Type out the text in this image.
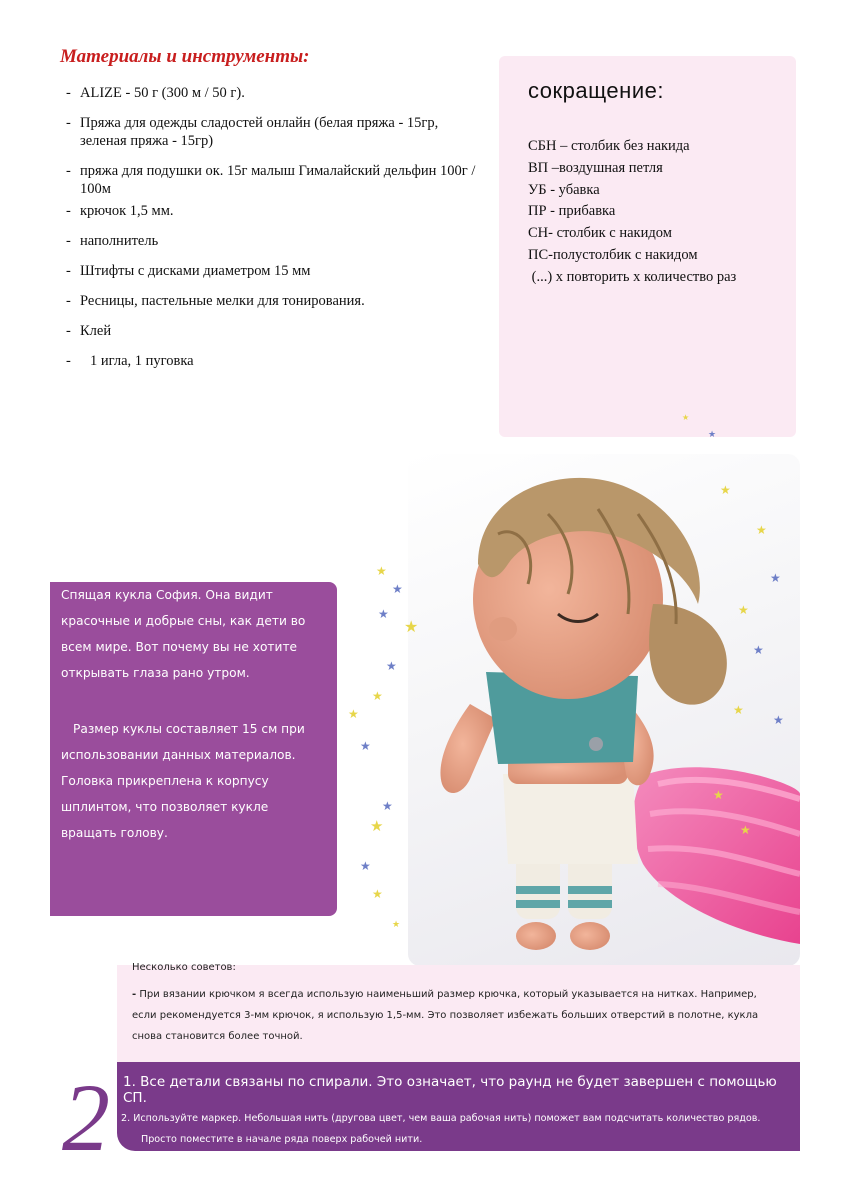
Материалы и инструменты:
- ALIZE - 50 г (300 м / 50 г).
- Пряжа для одежды сладостей онлайн (белая пряжа - 15гр, зеленая пряжа - 15гр)
- пряжа для подушки ок. 15г малыш Гималайский дельфин 100г / 100м
- крючок 1,5 мм.
- наполнитель
- Штифты с дисками диаметром 15 мм
- Ресницы, пастельные мелки для тонирования.
- Клей
- 1 игла, 1 пуговка
сокращение:
СБН – столбик без накида
ВП –воздушная петля
УБ - убавка
ПР - прибавка
СН- столбик с накидом
ПС-полустолбик с накидом
(...) х повторить х количество раз
★
★
★
★
★
★
★
★
★
★
★
★
★
★
★
★
★
★
★
★
★
★
★
★
Спящая кукла София. Она видит красочные и добрые сны, как дети во всем мире. Вот почему вы не хотите открывать глаза рано утром.
Размер куклы составляет 15 см при использовании данных материалов. Головка прикреплена к корпусу шплинтом, что позволяет кукле вращать голову.
Несколько советов:
- При вязании крючком я всегда использую наименьший размер крючка, который указывается на нитках. Например, если рекомендуется 3-мм крючок, я использую 1,5-мм. Это позволяет избежать больших отверстий в полотне, кукла снова становится более точной.
1. Все детали связаны по спирали. Это означает, что раунд не будет завершен с помощью СП.
2. Используйте маркер. Небольшая нить (другова цвет, чем ваша рабочая нить) поможет вам подсчитать количество рядов.
Просто поместите в начале ряда поверх рабочей нити.
2
